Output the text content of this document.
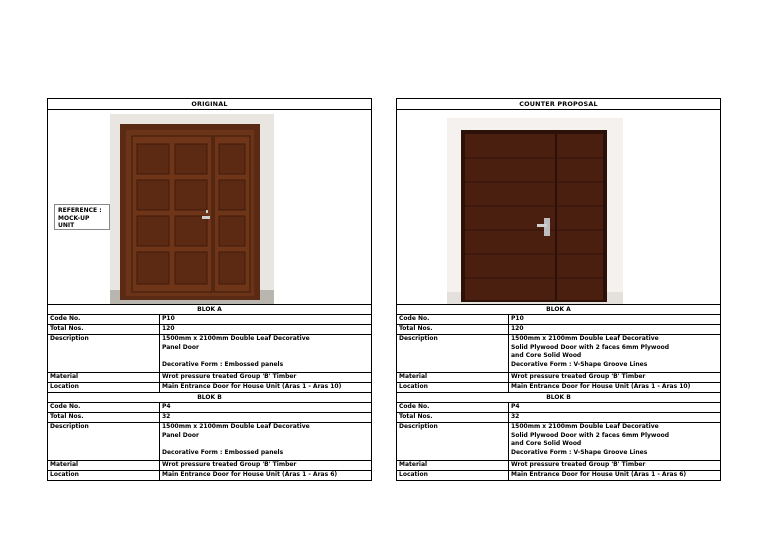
ORIGINAL
REFERENCE :
MOCK-UP
UNIT
BLOK A
Code No.	P10
Total Nos.	120
Description	1500mm x 2100mm Double Leaf Decorative
Panel Door

Decorative Form : Embossed panels
Material	Wrot pressure treated Group 'B' Timber
Location	Main Entrance Door for House Unit (Aras 1 - Aras 10)
BLOK B
Code No.	P4
Total Nos.	32
Description	1500mm x 2100mm Double Leaf Decorative
Panel Door

Decorative Form : Embossed panels
Material	Wrot pressure treated Group 'B' Timber
Location	Main Entrance Door for House Unit (Aras 1 - Aras 6)
COUNTER PROPOSAL
BLOK A
Code No.	P10
Total Nos.	120
Description	1500mm x 2100mm Double Leaf Decorative
Solid Plywood Door with 2 faces 6mm Plywood
and Core Solid Wood
Decorative Form : V-Shape Groove Lines
Material	Wrot pressure treated Group 'B' Timber
Location	Main Entrance Door for House Unit (Aras 1 - Aras 10)
BLOK B
Code No.	P4
Total Nos.	32
Description	1500mm x 2100mm Double Leaf Decorative
Solid Plywood Door with 2 faces 6mm Plywood
and Core Solid Wood
Decorative Form : V-Shape Groove Lines
Material	Wrot pressure treated Group 'B' Timber
Location	Main Entrance Door for House Unit (Aras 1 - Aras 6)
